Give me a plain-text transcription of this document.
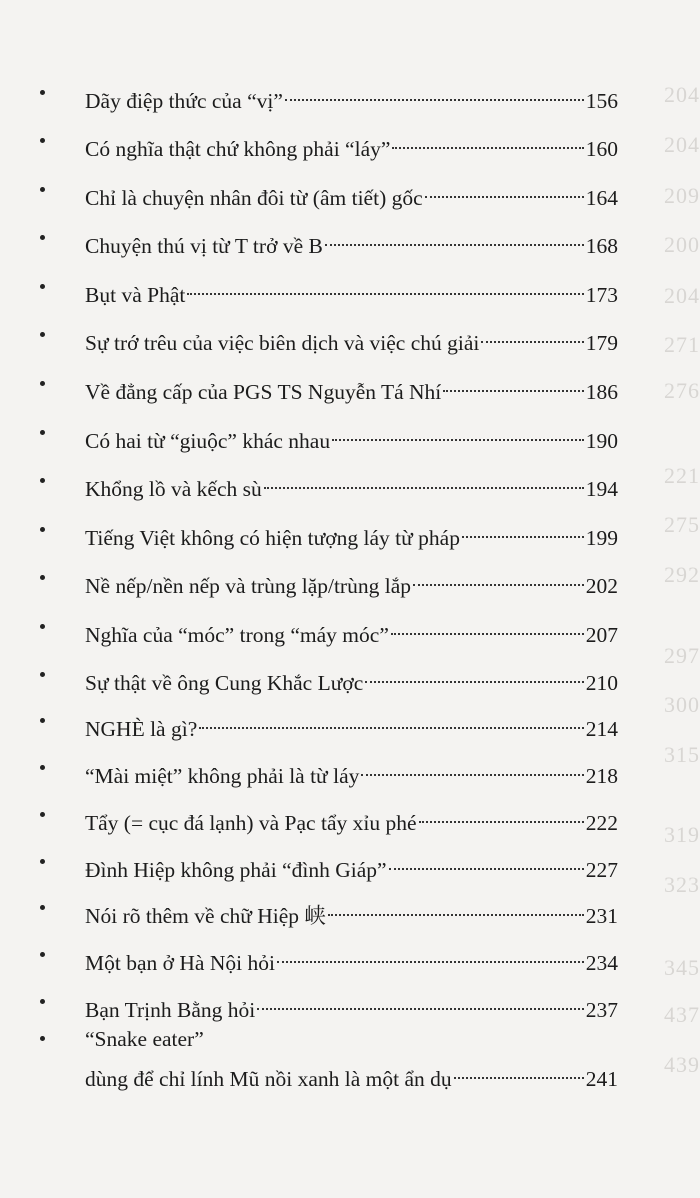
204
204
209
200
204
271
276
221
275
292
297
300
315
319
323
345
437
439
Dãy điệp thức của “vị”	156
Có nghĩa thật chứ không phải “láy”	160
Chỉ là chuyện nhân đôi từ (âm tiết) gốc	164
Chuyện thú vị từ T trở về B	168
Bụt và Phật	173
Sự trớ trêu của việc biên dịch và việc chú giải	179
Về đẳng cấp của PGS TS Nguyễn Tá Nhí	186
Có hai từ “giuộc” khác nhau	190
Khổng lồ và kếch sù	194
Tiếng Việt không có hiện tượng láy từ pháp	199
Nề nếp/nền nếp và trùng lặp/trùng lắp	202
Nghĩa của “móc” trong “máy móc”	207
Sự thật về ông Cung Khắc Lược	210
NGHÈ là gì?	214
“Mài miệt” không phải là từ láy	218
Tẩy (= cục đá lạnh) và Pạc tẩy xỉu phé	222
Đình Hiệp không phải “đình Giáp”	227
Nói rõ thêm về chữ Hiệp 峡	231
Một bạn ở Hà Nội hỏi	234
Bạn Trịnh Bằng hỏi	237
“Snake eater”
dùng để chỉ lính Mũ nồi xanh là một ẩn dụ	241
